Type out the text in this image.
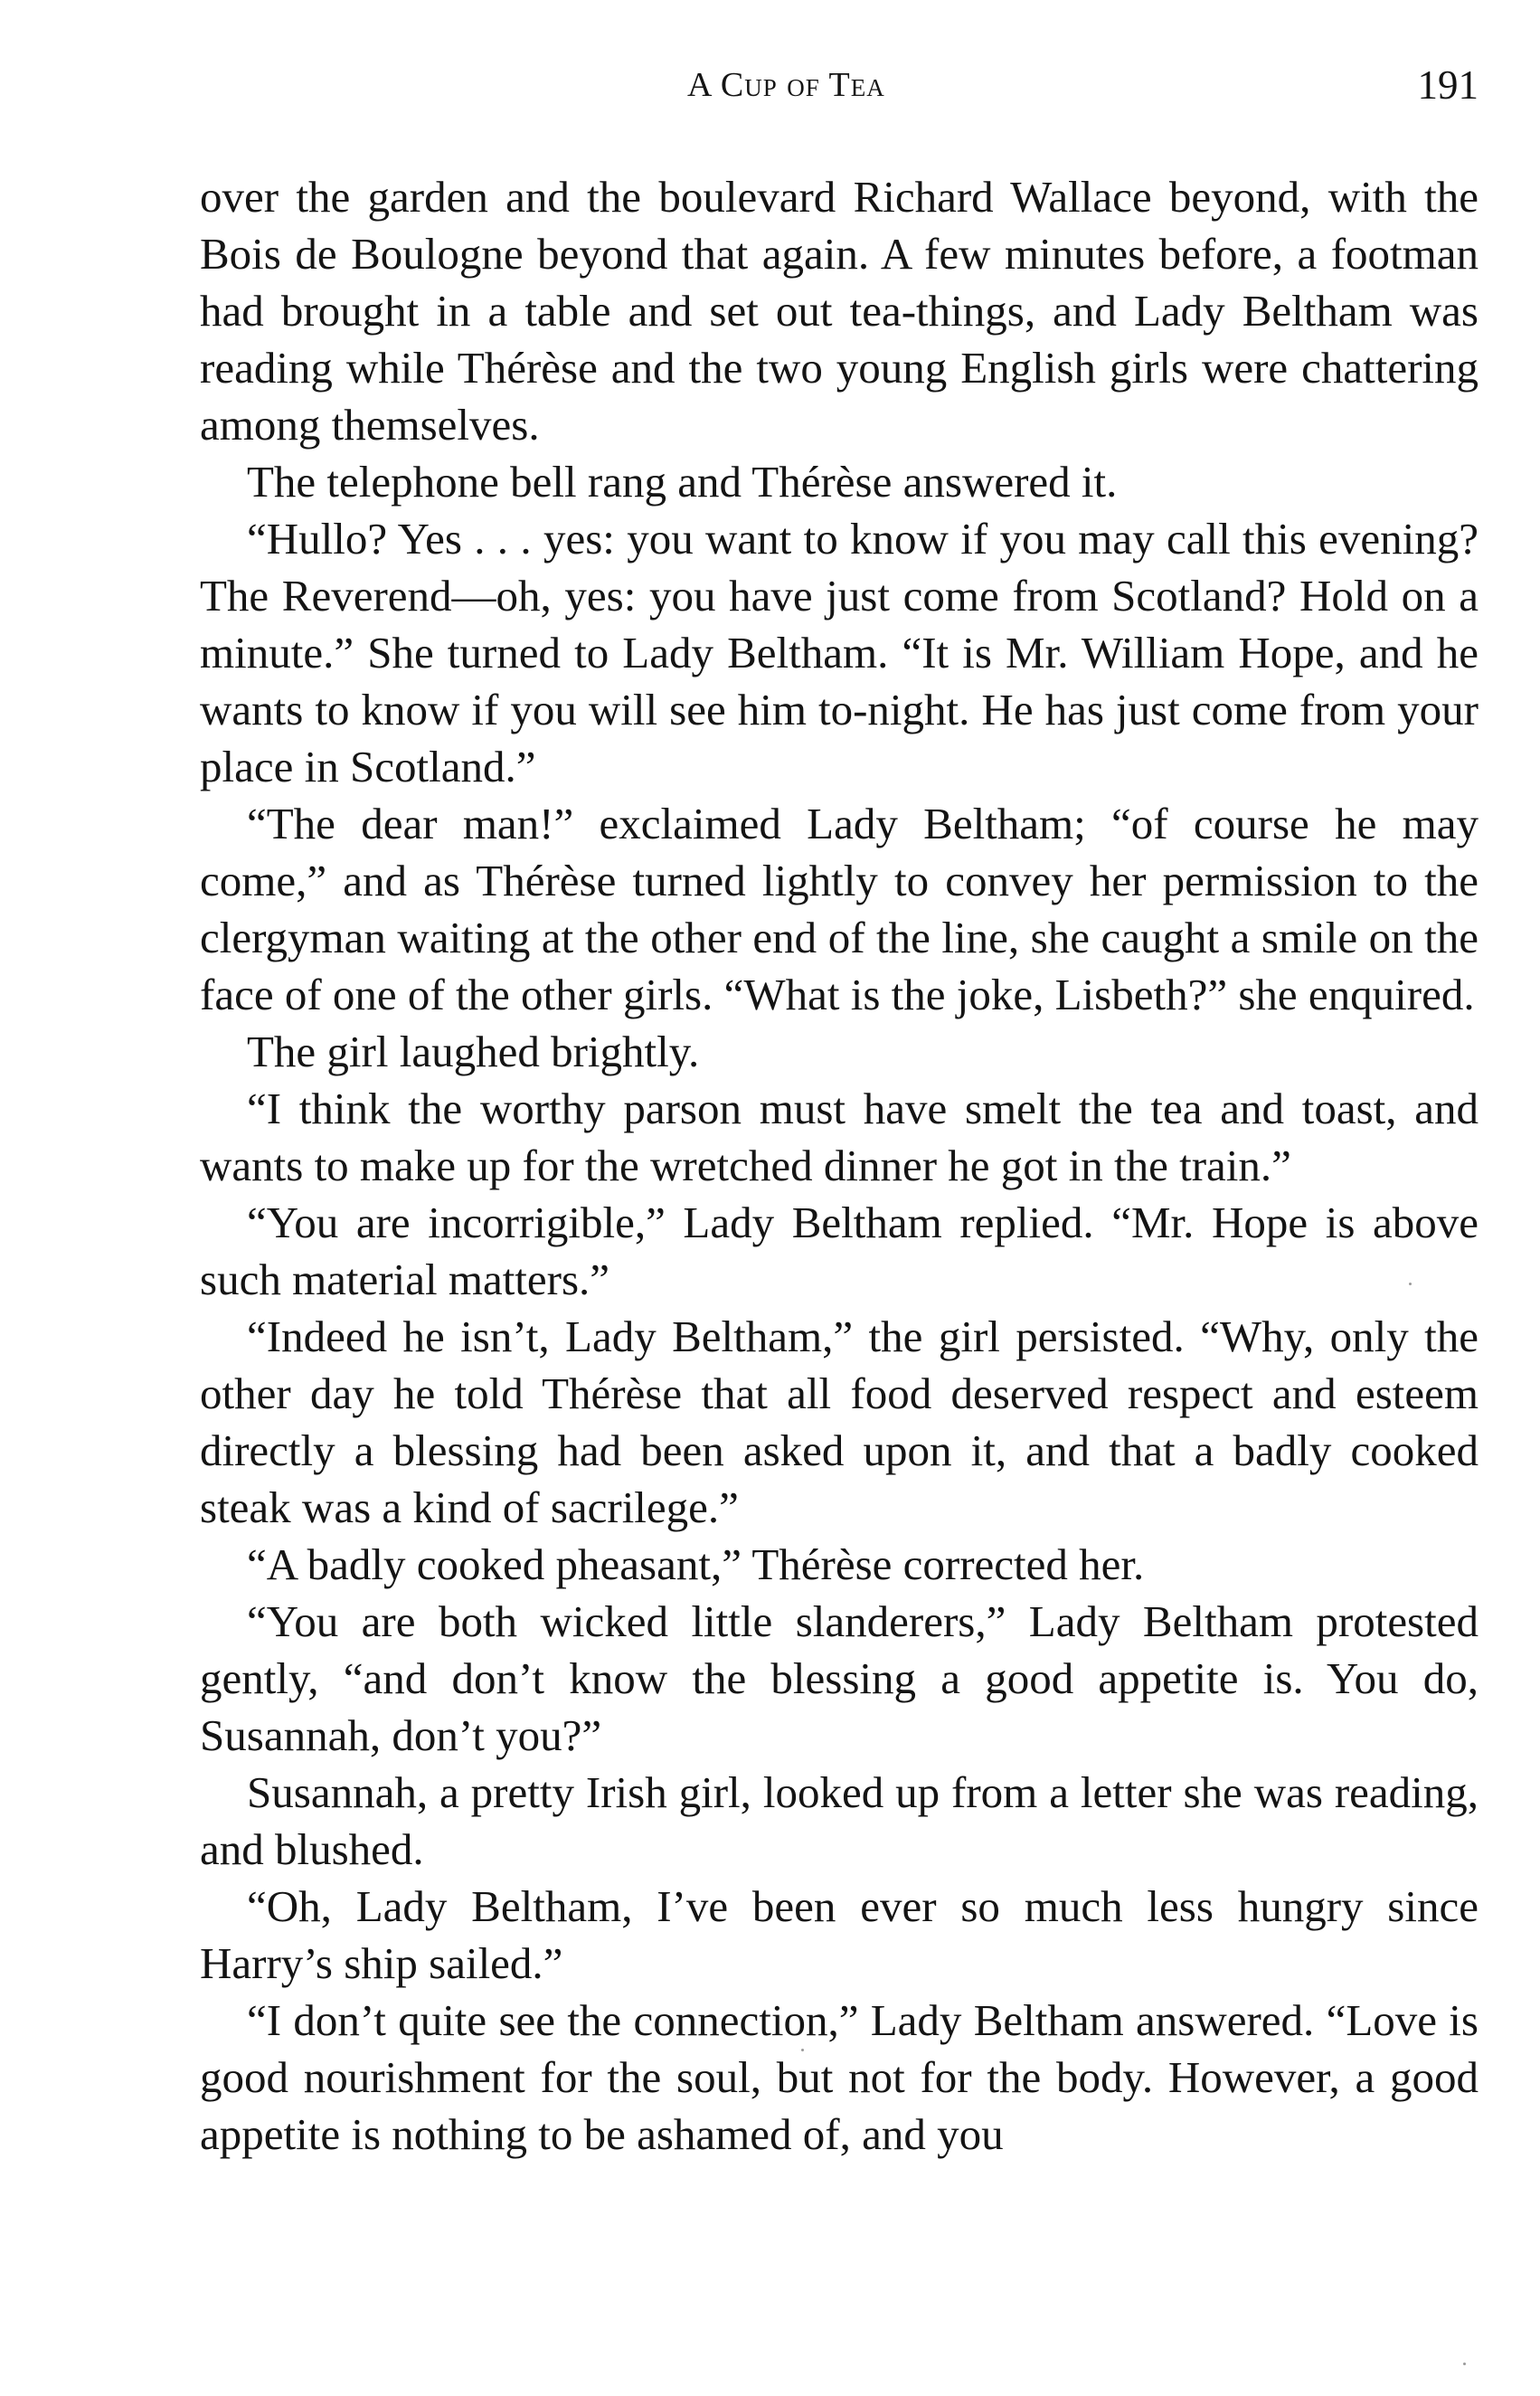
A Cup of Tea	191

over the garden and the boulevard Richard Wallace beyond, with the Bois de Boulogne beyond that again. A few minutes before, a footman had brought in a table and set out tea-things, and Lady Beltham was reading while Thérèse and the two young English girls were chattering among themselves.

The telephone bell rang and Thérèse answered it.

“Hullo? Yes . . . yes: you want to know if you may call this evening? The Reverend—oh, yes: you have just come from Scotland? Hold on a minute.” She turned to Lady Beltham. “It is Mr. William Hope, and he wants to know if you will see him to-night. He has just come from your place in Scotland.”

“The dear man!” exclaimed Lady Beltham; “of course he may come,” and as Thérèse turned lightly to convey her permission to the clergyman waiting at the other end of the line, she caught a smile on the face of one of the other girls. “What is the joke, Lisbeth?” she enquired.

The girl laughed brightly.

“I think the worthy parson must have smelt the tea and toast, and wants to make up for the wretched dinner he got in the train.”

“You are incorrigible,” Lady Beltham replied. “Mr. Hope is above such material matters.”

“Indeed he isn’t, Lady Beltham,” the girl persisted. “Why, only the other day he told Thérèse that all food deserved respect and esteem directly a blessing had been asked upon it, and that a badly cooked steak was a kind of sacrilege.”

“A badly cooked pheasant,” Thérèse corrected her.

“You are both wicked little slanderers,” Lady Beltham protested gently, “and don’t know the blessing a good appetite is. You do, Susannah, don’t you?”

Susannah, a pretty Irish girl, looked up from a letter she was reading, and blushed.

“Oh, Lady Beltham, I’ve been ever so much less hungry since Harry’s ship sailed.”

“I don’t quite see the connection,” Lady Beltham answered. “Love is good nourishment for the soul, but not for the body. However, a good appetite is nothing to be ashamed of, and you
